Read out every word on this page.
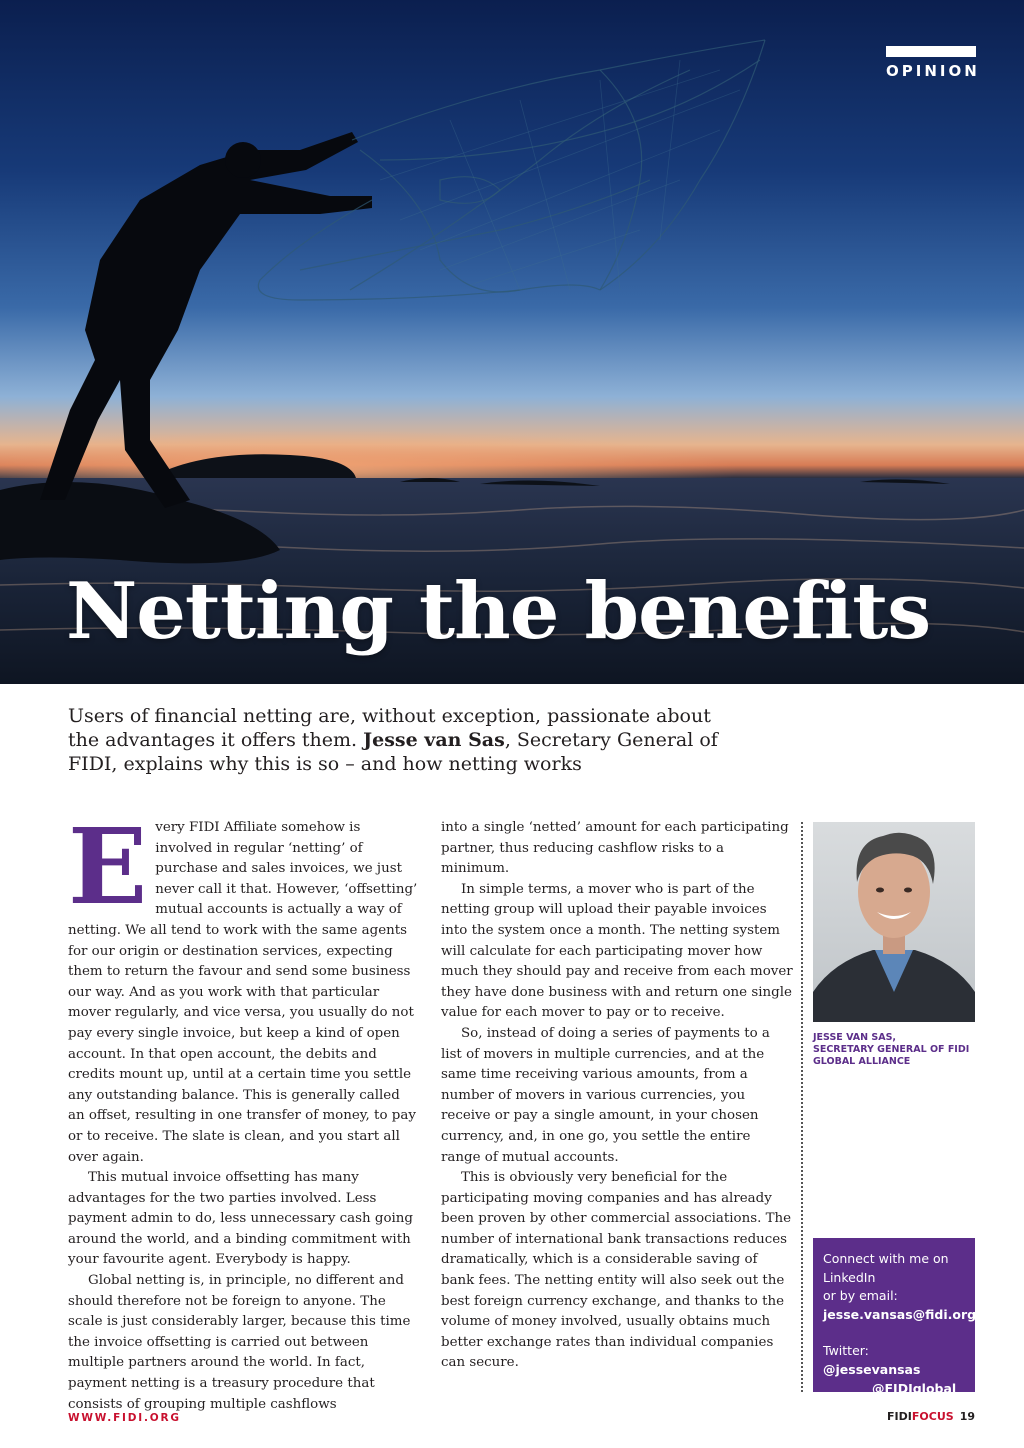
OPINION
Netting the benefits

Users of financial netting are, without exception, passionate about the advantages it offers them. Jesse van Sas, Secretary General of FIDI, explains why this is so – and how netting works

Every FIDI Affiliate somehow is involved in regular ‘netting’ of purchase and sales invoices, we just never call it that. However, ‘offsetting’ mutual accounts is actually a way of netting. We all tend to work with the same agents for our origin or destination services, expecting them to return the favour and send some business our way. And as you work with that particular mover regularly, and vice versa, you usually do not pay every single invoice, but keep a kind of open account. In that open account, the debits and credits mount up, until at a certain time you settle any outstanding balance. This is generally called an offset, resulting in one transfer of money, to pay or to receive. The slate is clean, and you start all over again.

This mutual invoice offsetting has many advantages for the two parties involved. Less payment admin to do, less unnecessary cash going around the world, and a binding commitment with your favourite agent. Everybody is happy.

Global netting is, in principle, no different and should therefore not be foreign to anyone. The scale is just considerably larger, because this time the invoice offsetting is carried out between multiple partners around the world. In fact, payment netting is a treasury procedure that consists of grouping multiple cashflows

into a single ‘netted’ amount for each participating partner, thus reducing cashflow risks to a minimum.

In simple terms, a mover who is part of the netting group will upload their payable invoices into the system once a month. The netting system will calculate for each participating mover how much they should pay and receive from each mover they have done business with and return one single value for each mover to pay or to receive.

So, instead of doing a series of payments to a list of movers in multiple currencies, and at the same time receiving various amounts, from a number of movers in various currencies, you receive or pay a single amount, in your chosen currency, and, in one go, you settle the entire range of mutual accounts.

This is obviously very beneficial for the participating moving companies and has already been proven by other commercial associations. The number of international bank transactions reduces dramatically, which is a considerable saving of bank fees. The netting entity will also seek out the best foreign currency exchange, and thanks to the volume of money involved, usually obtains much better exchange rates than individual companies can secure.

JESSE VAN SAS,
SECRETARY GENERAL OF FIDI
GLOBAL ALLIANCE
Connect with me on
LinkedIn
or by email:
jesse.vansas@fidi.org
Twitter: @jessevansas
@FIDIglobal
WWW.FIDI.ORG	FIDIFOCUS 19
